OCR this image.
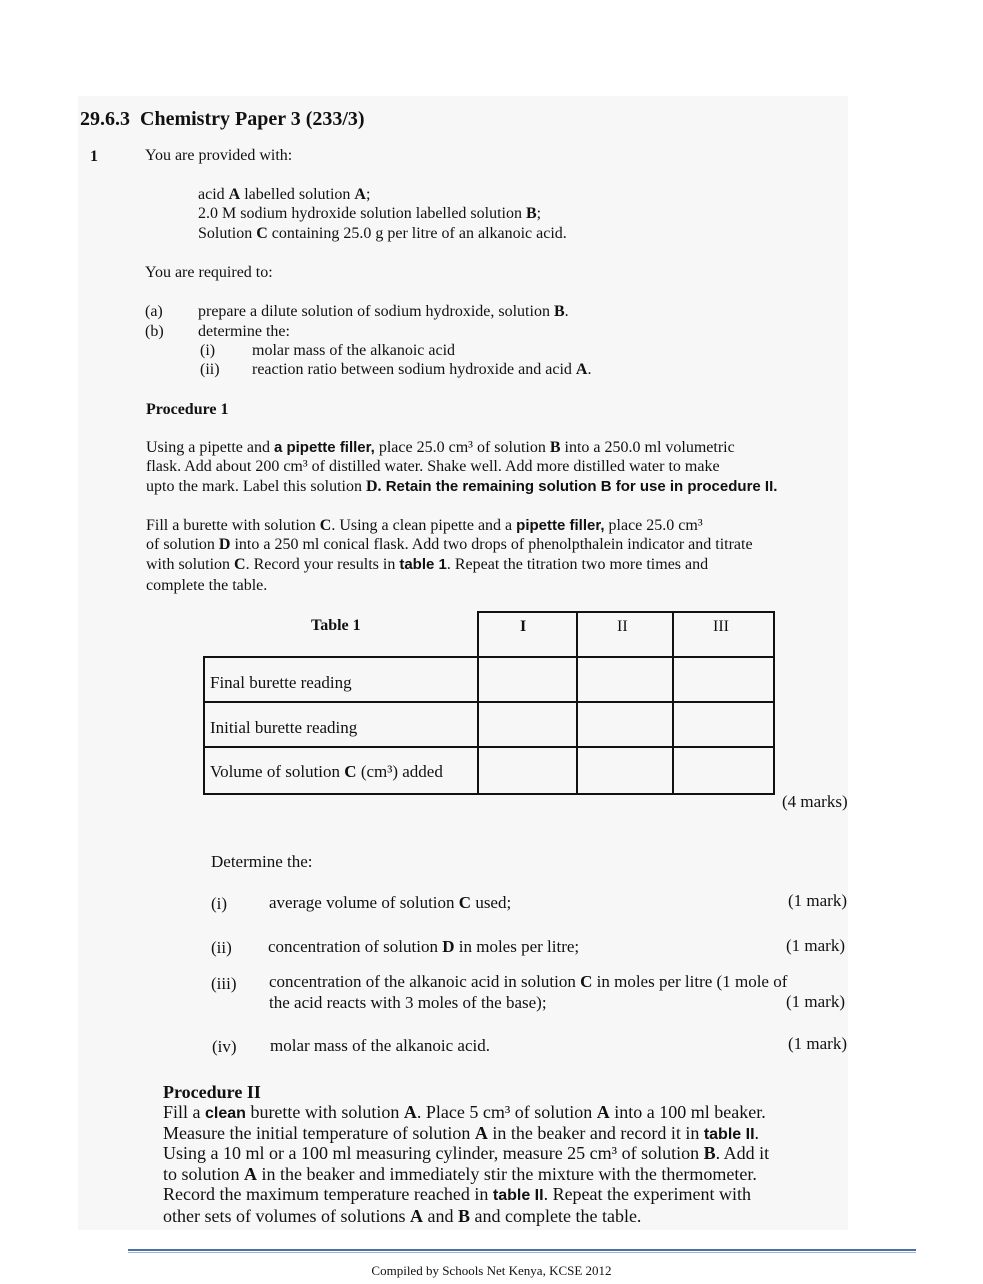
29.6.3 Chemistry Paper 3 (233/3)
1	You are provided with:
acid A labelled solution A;
2.0 M sodium hydroxide solution labelled solution B;
Solution C containing 25.0 g per litre of an alkanoic acid.
You are required to:
(a) prepare a dilute solution of sodium hydroxide, solution B.
(b) determine the:
(i) molar mass of the alkanoic acid
(ii) reaction ratio between sodium hydroxide and acid A.
Procedure 1
Using a pipette and a pipette filler, place 25.0 cm³ of solution B into a 250.0 ml volumetric
flask. Add about 200 cm³ of distilled water. Shake well. Add more distilled water to make
upto the mark. Label this solution D. Retain the remaining solution B for use in procedure II.
Fill a burette with solution C. Using a clean pipette and a pipette filler, place 25.0 cm³
of solution D into a 250 ml conical flask. Add two drops of phenolpthalein indicator and titrate
with solution C. Record your results in table 1. Repeat the titration two more times and
complete the table.
Table 1	I	II	III
Final burette reading
Initial burette reading
Volume of solution C (cm³) added
(4 marks)
Determine the:
(i) average volume of solution C used;	(1 mark)
(ii) concentration of solution D in moles per litre;	(1 mark)
(iii) concentration of the alkanoic acid in solution C in moles per litre (1 mole of
the acid reacts with 3 moles of the base);	(1 mark)
(iv) molar mass of the alkanoic acid.	(1 mark)
Procedure II
Fill a clean burette with solution A. Place 5 cm³ of solution A into a 100 ml beaker.
Measure the initial temperature of solution A in the beaker and record it in table II.
Using a 10 ml or a 100 ml measuring cylinder, measure 25 cm³ of solution B. Add it
to solution A in the beaker and immediately stir the mixture with the thermometer.
Record the maximum temperature reached in table II. Repeat the experiment with
other sets of volumes of solutions A and B and complete the table.
Compiled by Schools Net Kenya, KCSE 2012
